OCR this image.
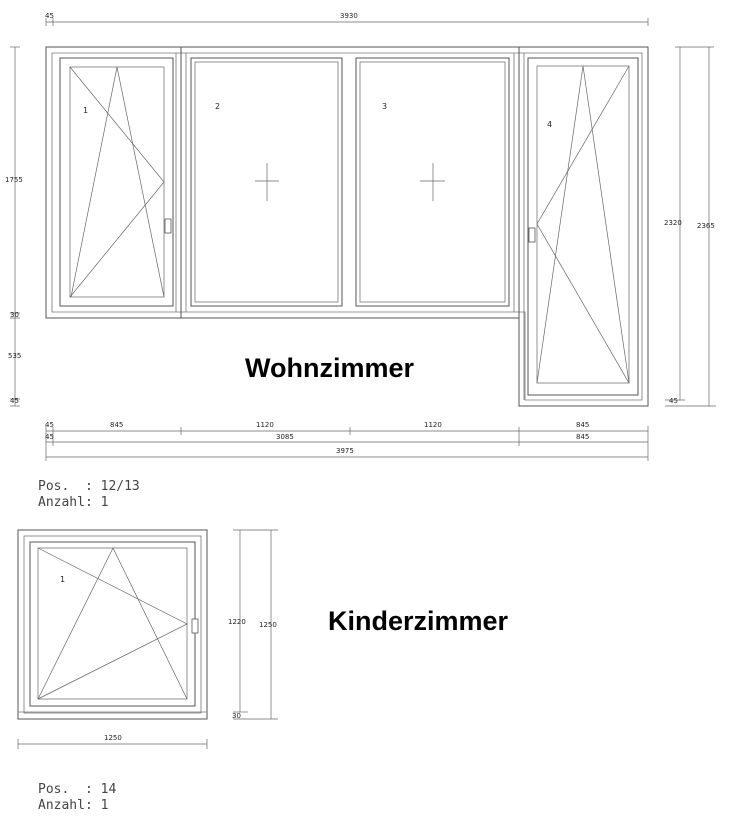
45	3930
1755
30
535
45
1	2	3
4
2320 2365
45
Wohnzimmer
45	845	1120	1120	845
45	3085	845
3975
Pos.  : 12/13
Anzahl: 1
1
1220 1250
30
1250
Kinderzimmer
Pos.  : 14
Anzahl: 1
